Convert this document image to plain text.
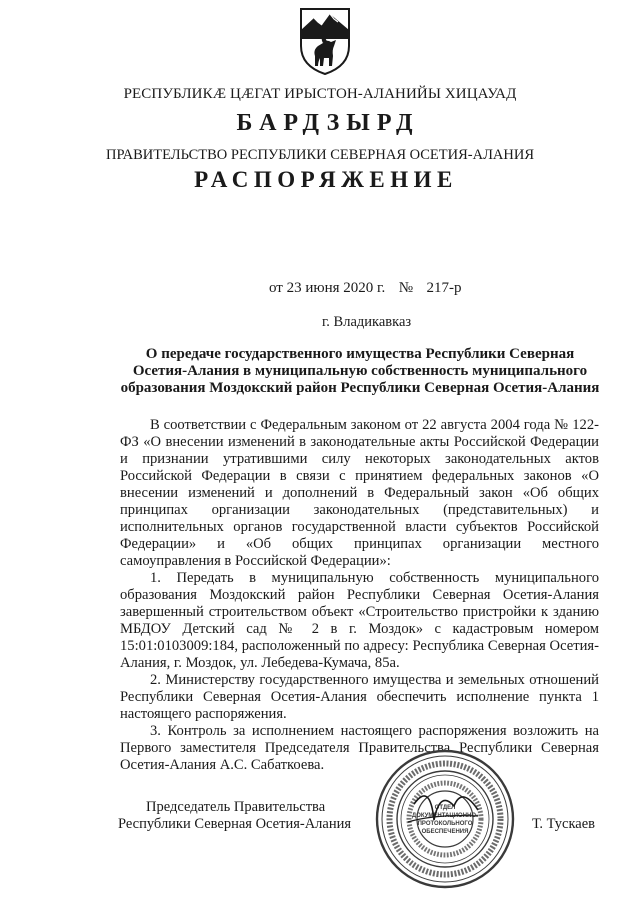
РЕСПУБЛИКӔ ЦӔГАТ ИРЫСТОН-АЛАНИЙЫ ХИЦАУАД
БАРДЗЫРД
ПРАВИТЕЛЬСТВО РЕСПУБЛИКИ СЕВЕРНАЯ ОСЕТИЯ-АЛАНИЯ
РАСПОРЯЖЕНИЕ
от 23 июня 2020 г. № 217-р
г. Владикавказ
О передаче государственного имущества Республики Северная Осетия-Алания в муниципальную собственность муниципального образования Моздокский район Республики Северная Осетия-Алания

В соответствии с Федеральным законом от 22 августа 2004 года № 122-ФЗ «О внесении изменений в законодательные акты Российской Федерации и признании утратившими силу некоторых законодательных актов Российской Федерации в связи с принятием федеральных законов «О внесении изменений и дополнений в Федеральный закон «Об общих принципах организации законодательных (представительных) и исполнительных органов государственной власти субъектов Российской Федерации» и «Об общих принципах организации местного самоуправления в Российской Федерации»:

1. Передать в муниципальную собственность муниципального образования Моздокский район Республики Северная Осетия-Алания завершенный строительством объект «Строительство пристройки к зданию МБДОУ Детский сад № 2 в г. Моздок» с кадастровым номером 15:01:0103009:184, расположенный по адресу: Республика Северная Осетия-Алания, г. Моздок, ул. Лебедева-Кумача, 85а.

2. Министерству государственного имущества и земельных отношений Республики Северная Осетия-Алания обеспечить исполнение пункта 1 настоящего распоряжения.

3. Контроль за исполнением настоящего распоряжения возложить на Первого заместителя Председателя Правительства Республики Северная Осетия-Алания А.С. Сабаткоева.

Председатель Правительства
Республики Северная Осетия-Алания	Т. Тускаев
ОТДЕЛ
ДОКУМЕНТАЦИОННО-
ПРОТОКОЛЬНОГО
ОБЕСПЕЧЕНИЯ
